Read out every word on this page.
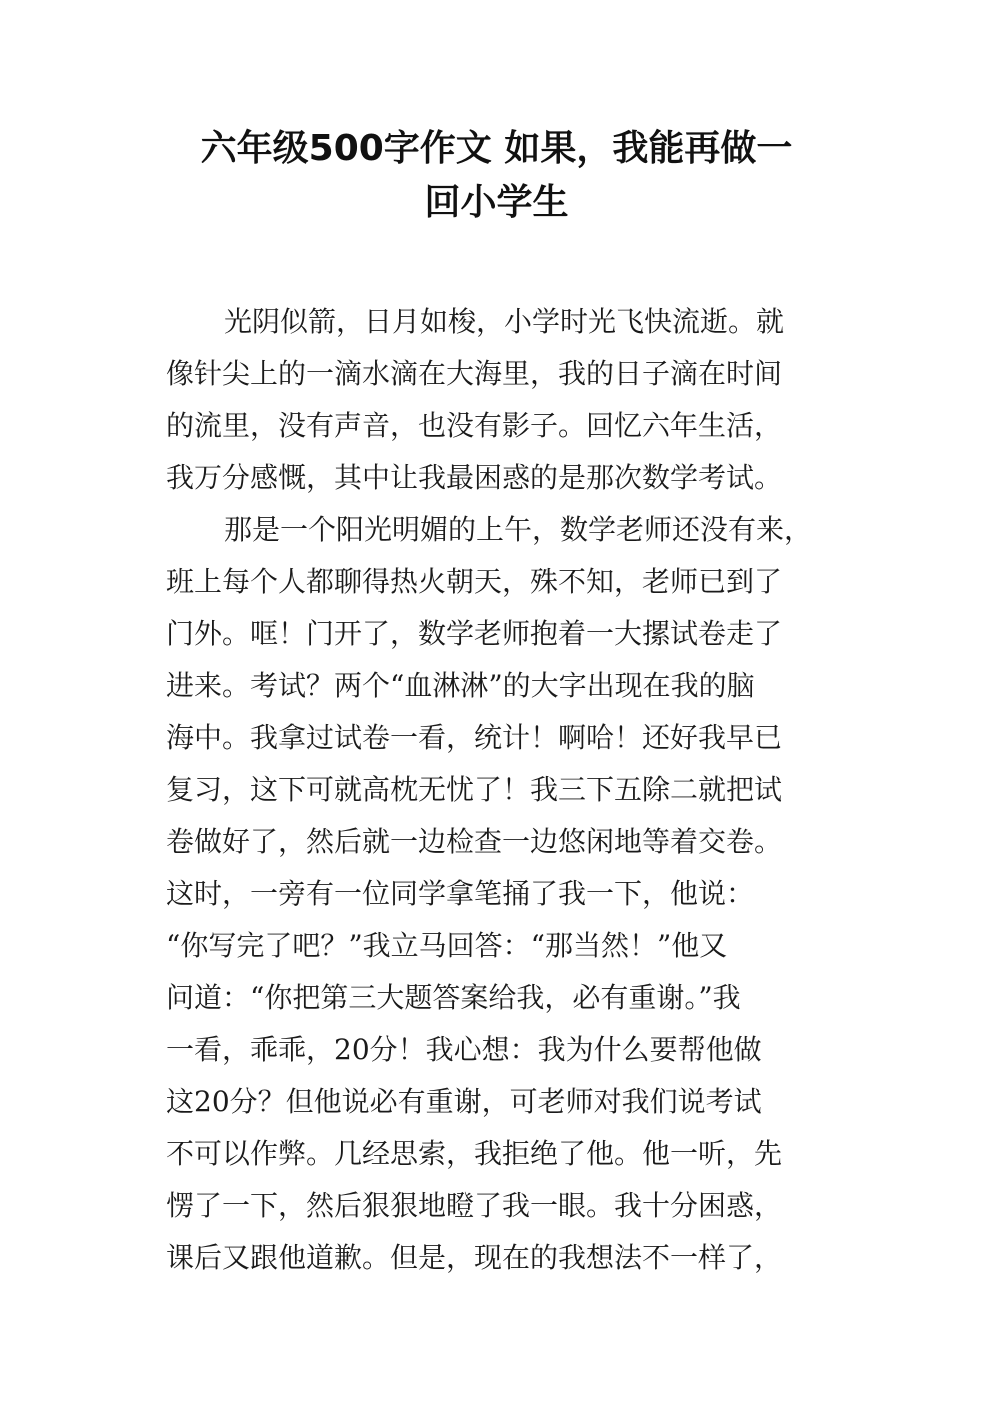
六年级500字作文 如果，我能再做一
回小学生
光阴似箭，日月如梭，小学时光飞快流逝。就
像针尖上的一滴水滴在大海里，我的日子滴在时间
的流里，没有声音，也没有影子。回忆六年生活，
我万分感慨，其中让我最困惑的是那次数学考试。
那是一个阳光明媚的上午，数学老师还没有来，
班上每个人都聊得热火朝天，殊不知，老师已到了
门外。哐！门开了，数学老师抱着一大摞试卷走了
进来。考试？两个“血淋淋”的大字出现在我的脑
海中。我拿过试卷一看，统计！啊哈！还好我早已
复习，这下可就高枕无忧了！我三下五除二就把试
卷做好了，然后就一边检查一边悠闲地等着交卷。
这时，一旁有一位同学拿笔捅了我一下，他说：
“你写完了吧？”我立马回答：“那当然！”他又
问道：“你把第三大题答案给我，必有重谢。”我
一看，乖乖，20分！我心想：我为什么要帮他做
这20分？但他说必有重谢，可老师对我们说考试
不可以作弊。几经思索，我拒绝了他。他一听，先
愣了一下，然后狠狠地瞪了我一眼。我十分困惑，
课后又跟他道歉。但是，现在的我想法不一样了，
